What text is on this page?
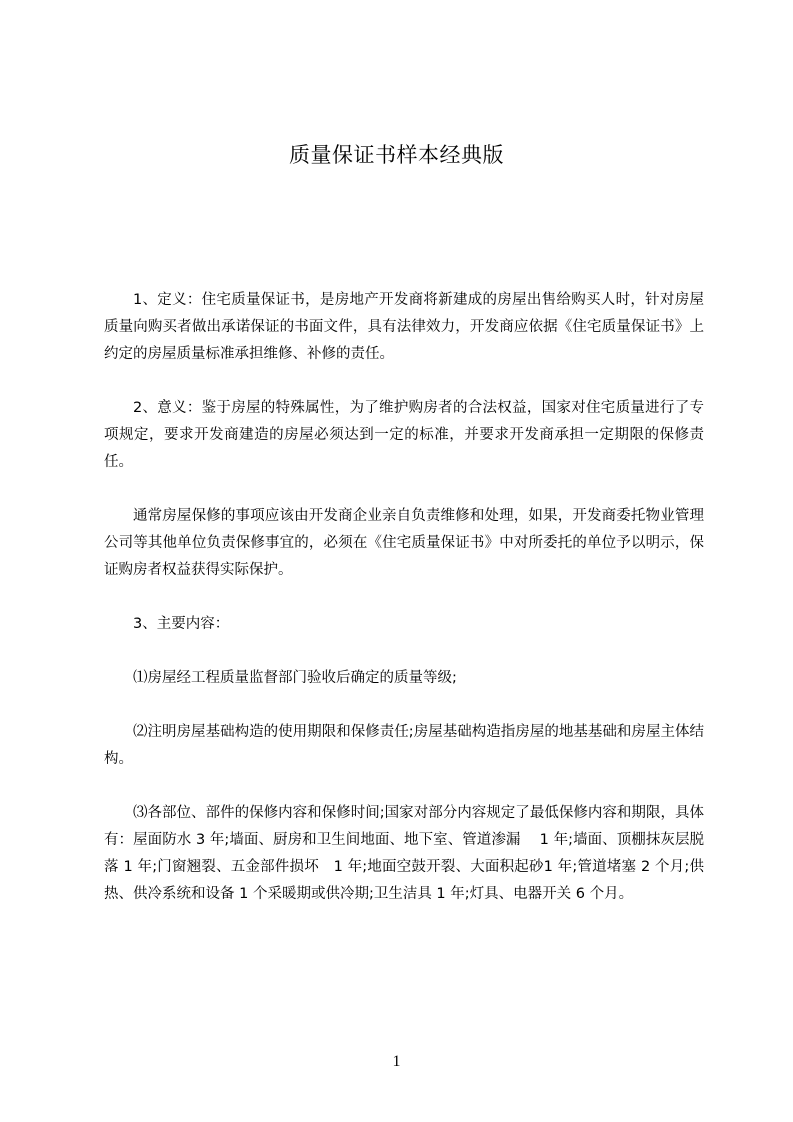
质量保证书样本经典版

1、定义：住宅质量保证书，是房地产开发商将新建成的房屋出售给购买人时，针对房屋质量向购买者做出承诺保证的书面文件，具有法律效力，开发商应依据《住宅质量保证书》上约定的房屋质量标准承担维修、补修的责任。

2、意义：鉴于房屋的特殊属性，为了维护购房者的合法权益，国家对住宅质量进行了专项规定，要求开发商建造的房屋必须达到一定的标准，并要求开发商承担一定期限的保修责任。

通常房屋保修的事项应该由开发商企业亲自负责维修和处理，如果，开发商委托物业管理公司等其他单位负责保修事宜的，必须在《住宅质量保证书》中对所委托的单位予以明示，保证购房者权益获得实际保护。

3、主要内容：

⑴房屋经工程质量监督部门验收后确定的质量等级;

⑵注明房屋基础构造的使用期限和保修责任;房屋基础构造指房屋的地基基础和房屋主体结构。

⑶各部位、部件的保修内容和保修时间;国家对部分内容规定了最低保修内容和期限，具体有：屋面防水 3 年;墙面、厨房和卫生间地面、地下室、管道渗漏　 1 年;墙面、顶棚抹灰层脱落 1 年;门窗翘裂、五金部件损坏　1 年;地面空鼓开裂、大面积起砂1 年;管道堵塞 2 个月;供热、供冷系统和设备 1 个采暖期或供冷期;卫生洁具 1 年;灯具、电器开关 6 个月。

1
